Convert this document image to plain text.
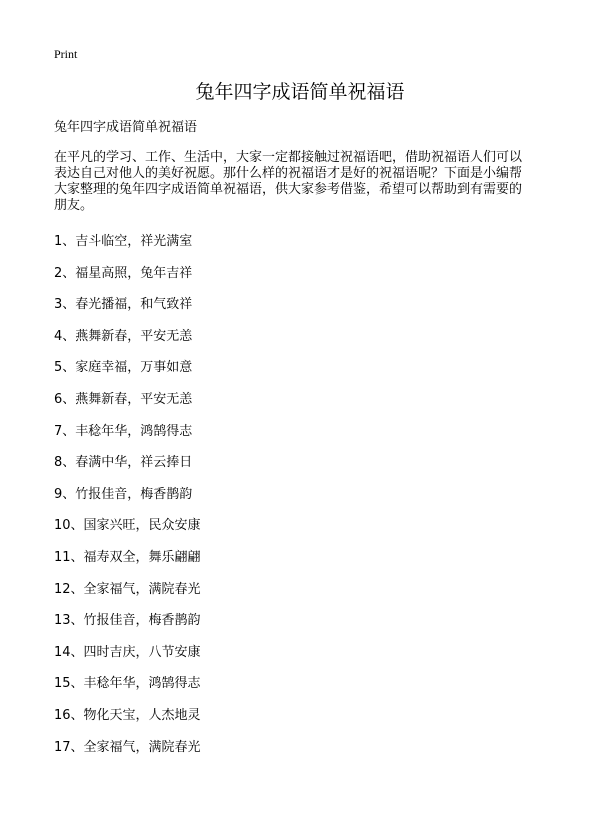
Print
兔年四字成语简单祝福语
兔年四字成语简单祝福语

在平凡的学习、工作、生活中，大家一定都接触过祝福语吧，借助祝福语人们可以
表达自己对他人的美好祝愿。那什么样的祝福语才是好的祝福语呢？下面是小编帮
大家整理的兔年四字成语简单祝福语，供大家参考借鉴，希望可以帮助到有需要的
朋友。

1、吉斗临空，祥光满室
2、福星高照，兔年吉祥
3、春光播福，和气致祥
4、燕舞新春，平安无恙
5、家庭幸福，万事如意
6、燕舞新春，平安无恙
7、丰稔年华，鸿鹄得志
8、春满中华，祥云捧日
9、竹报佳音，梅香鹊韵
10、国家兴旺，民众安康
11、福寿双全，舞乐翩翩
12、全家福气，满院春光
13、竹报佳音，梅香鹊韵
14、四时吉庆，八节安康
15、丰稔年华，鸿鹄得志
16、物化天宝，人杰地灵
17、全家福气，满院春光
